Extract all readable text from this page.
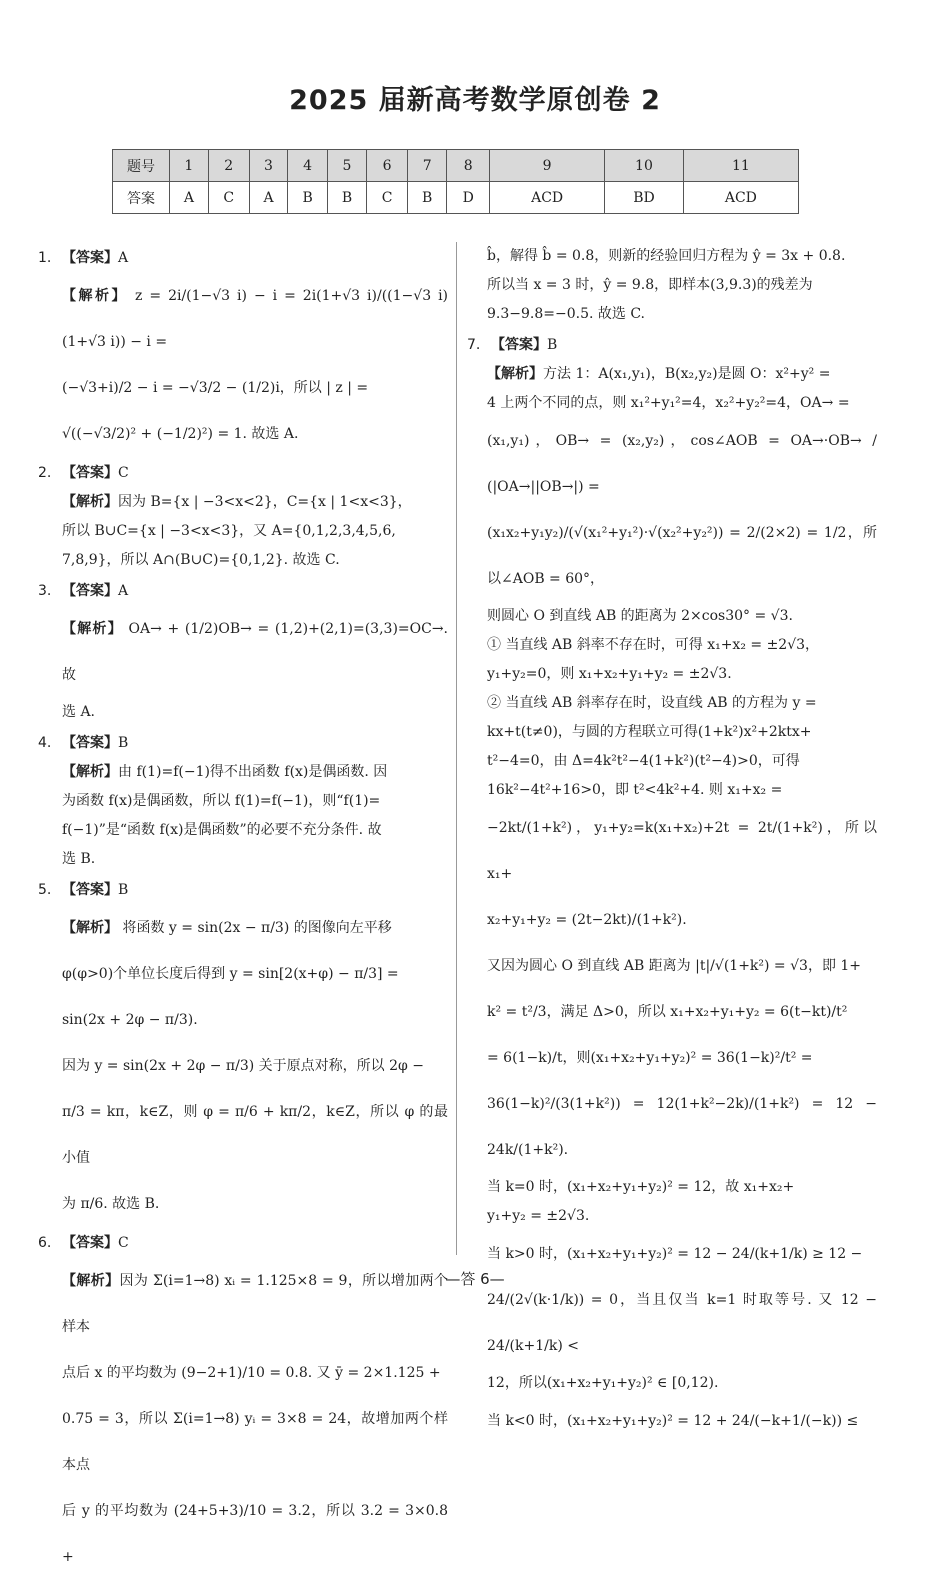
2025 届新高考数学原创卷 2
题号	1	2	3	4	5	6	7	8	9	10	11
答案	A	C	A	B	B	C	B	D	ACD	BD	ACD
1. 【答案】A
【解析】 z = 2i/(1−√3 i) − i = 2i(1+√3 i)/((1−√3 i)(1+√3 i)) − i =
(−√3+i)/2 − i = −√3/2 − (1/2)i，所以 | z | =
√((−√3/2)² + (−1/2)²) = 1. 故选 A.
2. 【答案】C
【解析】因为 B={x | −3<x<2}，C={x | 1<x<3}，
所以 B∪C={x | −3<x<3}，又 A={0,1,2,3,4,5,6,
7,8,9}，所以 A∩(B∪C)={0,1,2}. 故选 C.
3. 【答案】A
【解析】 OA→ + (1/2)OB→ = (1,2)+(2,1)=(3,3)=OC→. 故
选 A.
4. 【答案】B
【解析】由 f(1)=f(−1)得不出函数 f(x)是偶函数. 因
为函数 f(x)是偶函数，所以 f(1)=f(−1)，则“f(1)=
f(−1)”是“函数 f(x)是偶函数”的必要不充分条件. 故
选 B.
5. 【答案】B
【解析】 将函数 y = sin(2x − π/3) 的图像向左平移
φ(φ>0)个单位长度后得到 y = sin[2(x+φ) − π/3] =
sin(2x + 2φ − π/3).
因为 y = sin(2x + 2φ − π/3) 关于原点对称，所以 2φ −
π/3 = kπ，k∈Z，则 φ = π/6 + kπ/2，k∈Z，所以 φ 的最小值
为 π/6. 故选 B.
6. 【答案】C
【解析】因为 Σ(i=1→8) xᵢ = 1.125×8 = 9，所以增加两个样本
点后 x 的平均数为 (9−2+1)/10 = 0.8. 又 ȳ = 2×1.125 +
0.75 = 3，所以 Σ(i=1→8) yᵢ = 3×8 = 24，故增加两个样本点
后 y 的平均数为 (24+5+3)/10 = 3.2，所以 3.2 = 3×0.8 +
b̂，解得 b̂ = 0.8，则新的经验回归方程为 ŷ = 3x + 0.8.
所以当 x = 3 时，ŷ = 9.8，即样本(3,9.3)的残差为
9.3−9.8=−0.5. 故选 C.
7. 【答案】B
【解析】方法 1：A(x₁,y₁)，B(x₂,y₂)是圆 O：x²+y² =
4 上两个不同的点，则 x₁²+y₁²=4，x₂²+y₂²=4，OA→ =
(x₁,y₁)，OB→ = (x₂,y₂)，cos∠AOB = OA→·OB→ / (|OA→||OB→|) =
(x₁x₂+y₁y₂)/(√(x₁²+y₁²)·√(x₂²+y₂²)) = 2/(2×2) = 1/2，所以∠AOB = 60°，
则圆心 O 到直线 AB 的距离为 2×cos30° = √3.
① 当直线 AB 斜率不存在时，可得 x₁+x₂ = ±2√3，
y₁+y₂=0，则 x₁+x₂+y₁+y₂ = ±2√3.
② 当直线 AB 斜率存在时，设直线 AB 的方程为 y =
kx+t(t≠0)，与圆的方程联立可得(1+k²)x²+2ktx+
t²−4=0，由 Δ=4k²t²−4(1+k²)(t²−4)>0，可得
16k²−4t²+16>0，即 t²<4k²+4. 则 x₁+x₂ =
−2kt/(1+k²)，y₁+y₂=k(x₁+x₂)+2t = 2t/(1+k²)，所以 x₁+
x₂+y₁+y₂ = (2t−2kt)/(1+k²).
又因为圆心 O 到直线 AB 距离为 |t|/√(1+k²) = √3，即 1+
k² = t²/3，满足 Δ>0，所以 x₁+x₂+y₁+y₂ = 6(t−kt)/t²
= 6(1−k)/t，则(x₁+x₂+y₁+y₂)² = 36(1−k)²/t² =
36(1−k)²/(3(1+k²)) = 12(1+k²−2k)/(1+k²) = 12 − 24k/(1+k²).
当 k=0 时，(x₁+x₂+y₁+y₂)² = 12，故 x₁+x₂+
y₁+y₂ = ±2√3.
当 k>0 时，(x₁+x₂+y₁+y₂)² = 12 − 24/(k+1/k) ≥ 12 −
24/(2√(k·1/k)) = 0，当且仅当 k=1 时取等号. 又 12 − 24/(k+1/k) <
12，所以(x₁+x₂+y₁+y₂)² ∈ [0,12).
当 k<0 时，(x₁+x₂+y₁+y₂)² = 12 + 24/(−k+1/(−k)) ≤
—答 6—
